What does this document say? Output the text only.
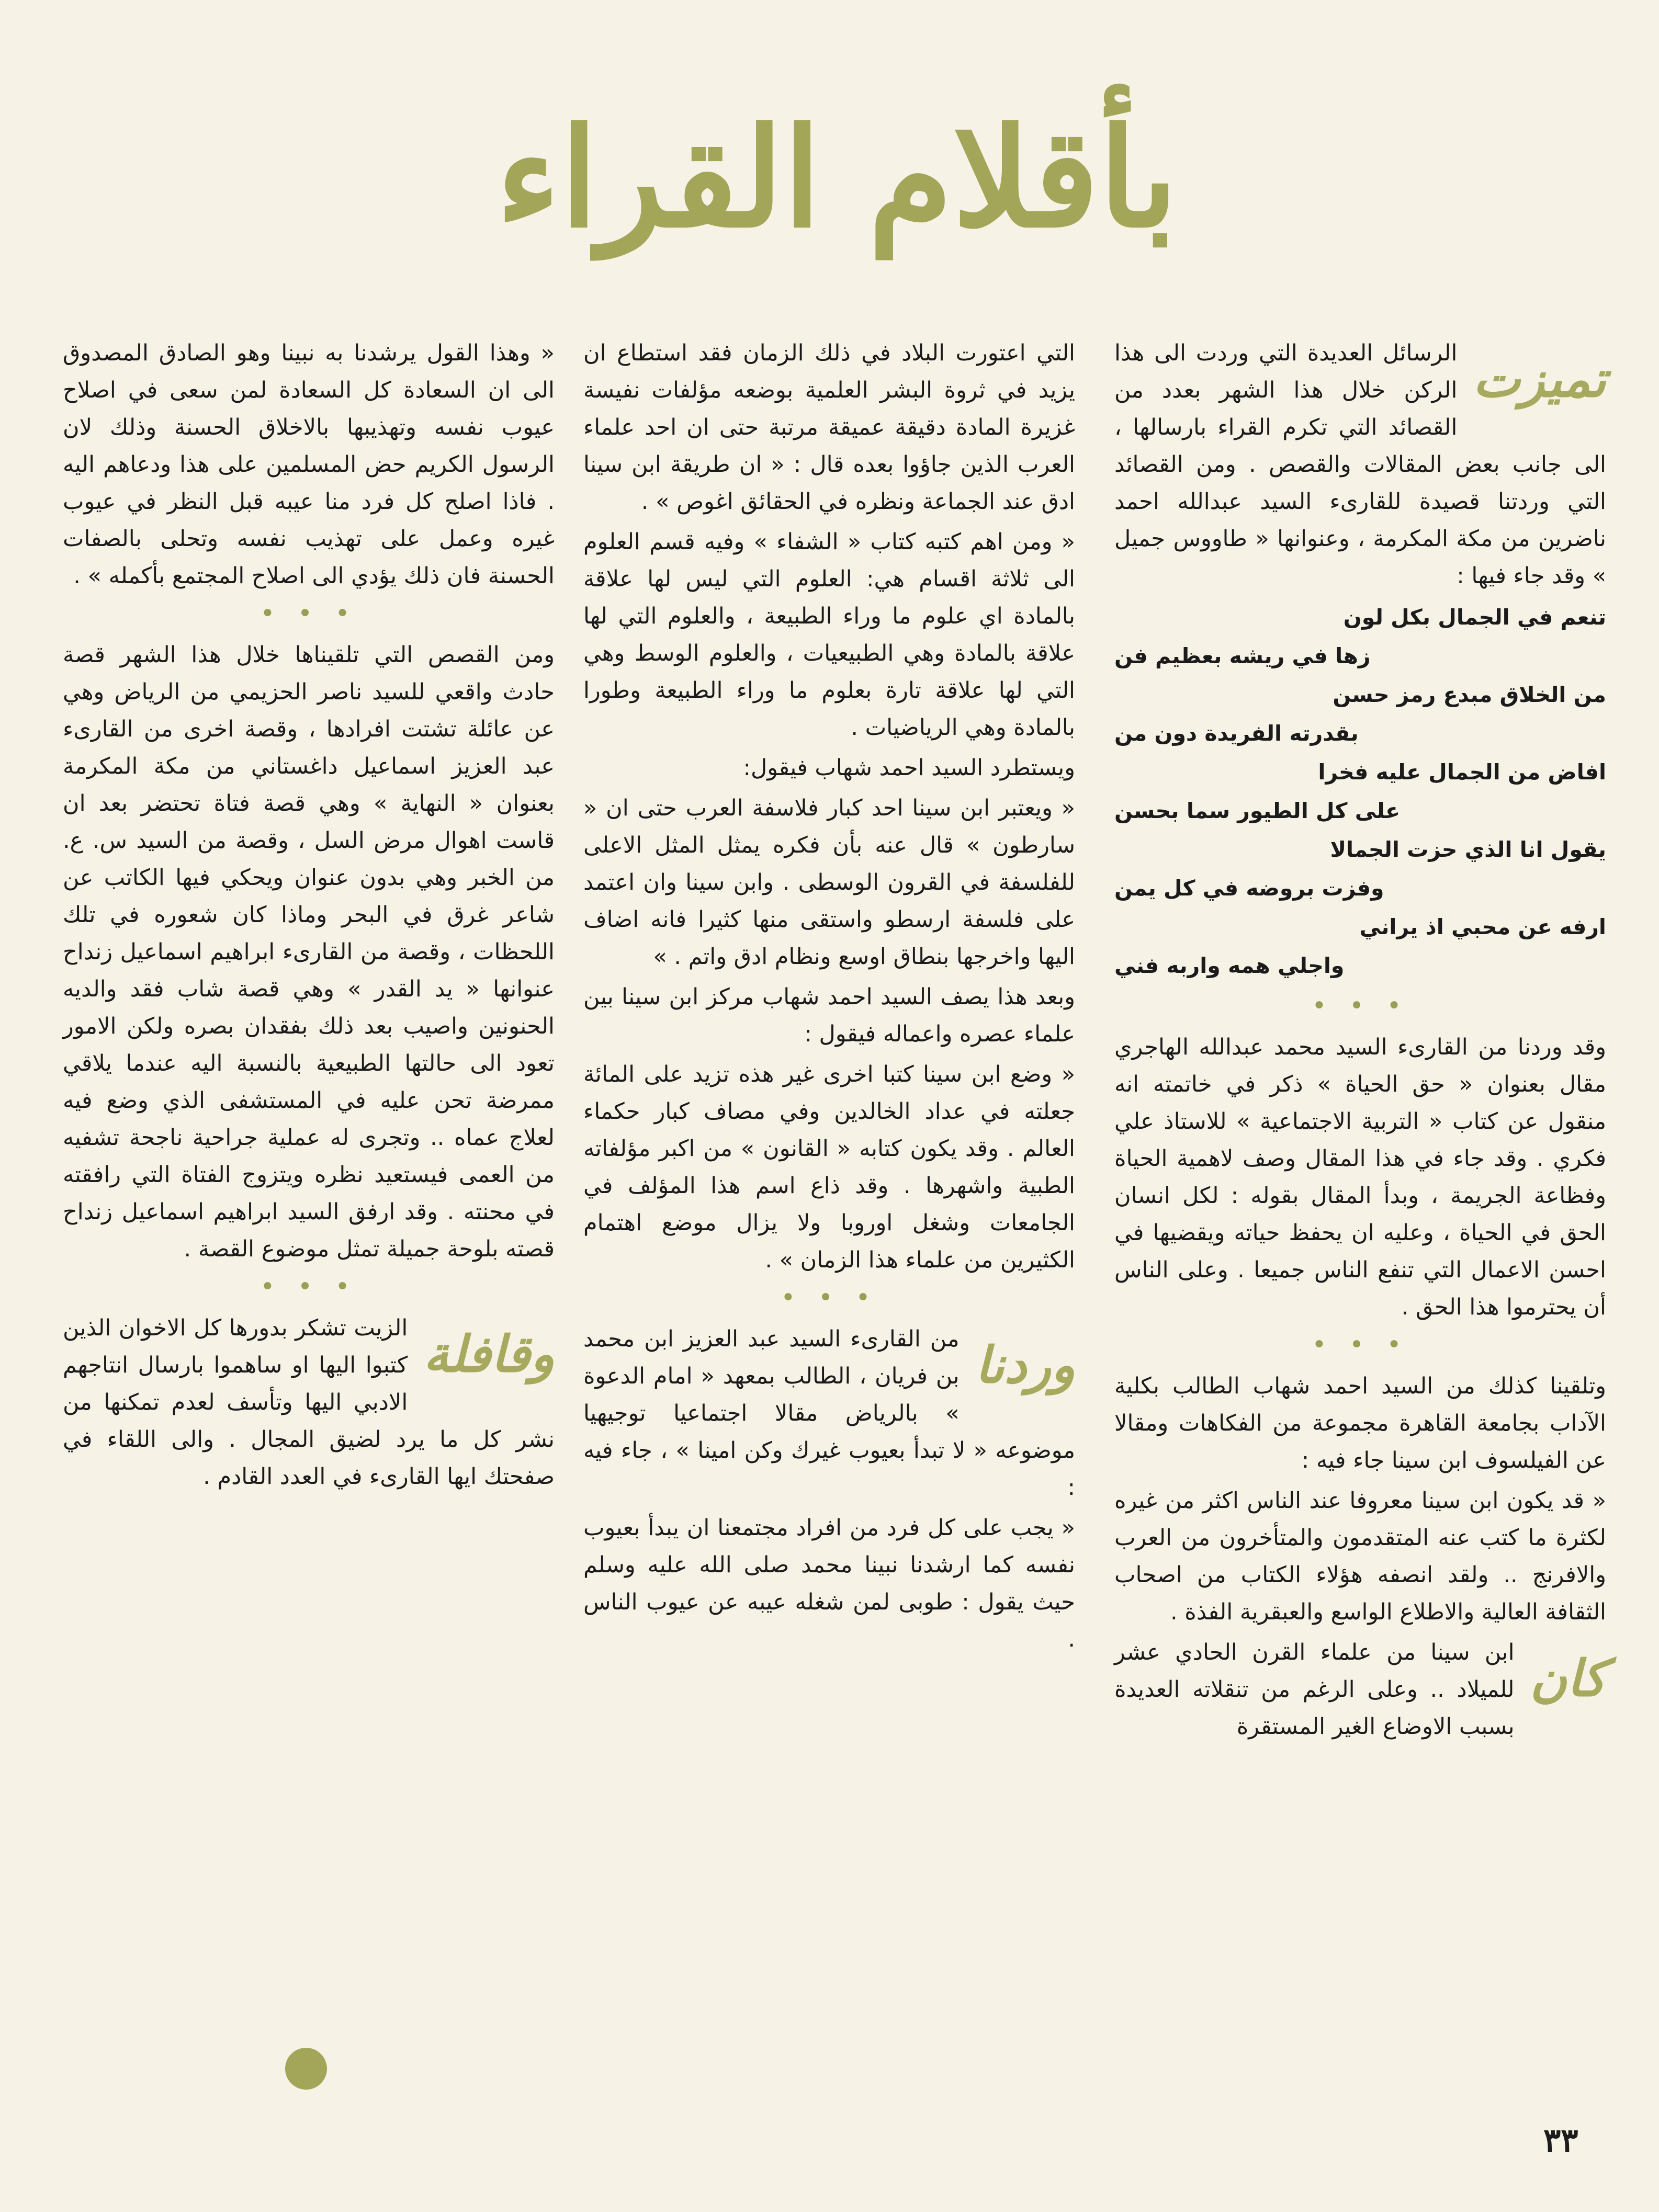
بأقلام القراء
تميزت

الرسائل العديدة التي وردت الى هذا الركن خلال هذا الشهر بعدد من القصائد التي تكرم القراء بارسالها ، الى جانب بعض المقالات والقصص . ومن القصائد التي وردتنا قصيدة للقارىء السيد عبدالله احمد ناضرين من مكة المكرمة ، وعنوانها « طاووس جميل » وقد جاء فيها :

تنعم في الجمال بكل لون
زها في ريشه بعظيم فن
من الخلاق مبدع رمز حسن
بقدرته الفريدة دون من
افاض من الجمال عليه فخرا
على كل الطيور سما بحسن
يقول انا الذي حزت الجمالا
وفزت بروضه في كل يمن
ارفه عن محبي اذ يراني
واجلي همه واربه فني
• • •

وقد وردنا من القارىء السيد محمد عبدالله الهاجري مقال بعنوان « حق الحياة » ذكر في خاتمته انه منقول عن كتاب « التربية الاجتماعية » للاستاذ علي فكري . وقد جاء في هذا المقال وصف لاهمية الحياة وفظاعة الجريمة ، وبدأ المقال بقوله : لكل انسان الحق في الحياة ، وعليه ان يحفظ حياته ويقضيها في احسن الاعمال التي تنفع الناس جميعا . وعلى الناس أن يحترموا هذا الحق .

• • •

وتلقينا كذلك من السيد احمد شهاب الطالب بكلية الآداب بجامعة القاهرة مجموعة من الفكاهات ومقالا عن الفيلسوف ابن سينا جاء فيه :

« قد يكون ابن سينا معروفا عند الناس اكثر من غيره لكثرة ما كتب عنه المتقدمون والمتأخرون من العرب والافرنج .. ولقد انصفه هؤلاء الكتاب من اصحاب الثقافة العالية والاطلاع الواسع والعبقرية الفذة .

كان

ابن سينا من علماء القرن الحادي عشر للميلاد .. وعلى الرغم من تنقلاته العديدة بسبب الاوضاع الغير المستقرة

التي اعتورت البلاد في ذلك الزمان فقد استطاع ان يزيد في ثروة البشر العلمية بوضعه مؤلفات نفيسة غزيرة المادة دقيقة عميقة مرتبة حتى ان احد علماء العرب الذين جاؤوا بعده قال : « ان طريقة ابن سينا ادق عند الجماعة ونظره في الحقائق اغوص » .

« ومن اهم كتبه كتاب « الشفاء » وفيه قسم العلوم الى ثلاثة اقسام هي: العلوم التي ليس لها علاقة بالمادة اي علوم ما وراء الطبيعة ، والعلوم التي لها علاقة بالمادة وهي الطبيعيات ، والعلوم الوسط وهي التي لها علاقة تارة بعلوم ما وراء الطبيعة وطورا بالمادة وهي الرياضيات .

ويستطرد السيد احمد شهاب فيقول:

« ويعتبر ابن سينا احد كبار فلاسفة العرب حتى ان « سارطون » قال عنه بأن فكره يمثل المثل الاعلى للفلسفة في القرون الوسطى . وابن سينا وان اعتمد على فلسفة ارسطو واستقى منها كثيرا فانه اضاف اليها واخرجها بنطاق اوسع ونظام ادق واتم . »

وبعد هذا يصف السيد احمد شهاب مركز ابن سينا بين علماء عصره واعماله فيقول :

« وضع ابن سينا كتبا اخرى غير هذه تزيد على المائة جعلته في عداد الخالدين وفي مصاف كبار حكماء العالم . وقد يكون كتابه « القانون » من اكبر مؤلفاته الطبية واشهرها . وقد ذاع اسم هذا المؤلف في الجامعات وشغل اوروبا ولا يزال موضع اهتمام الكثيرين من علماء هذا الزمان » .

• • •
وردنا

من القارىء السيد عبد العزيز ابن محمد بن فريان ، الطالب بمعهد « امام الدعوة » بالرياض مقالا اجتماعيا توجيهيا موضوعه « لا تبدأ بعيوب غيرك وكن امينا » ، جاء فيه :

« يجب على كل فرد من افراد مجتمعنا ان يبدأ بعيوب نفسه كما ارشدنا نبينا محمد صلى الله عليه وسلم حيث يقول : طوبى لمن شغله عيبه عن عيوب الناس .

« وهذا القول يرشدنا به نبينا وهو الصادق المصدوق الى ان السعادة كل السعادة لمن سعى في اصلاح عيوب نفسه وتهذيبها بالاخلاق الحسنة وذلك لان الرسول الكريم حض المسلمين على هذا ودعاهم اليه . فاذا اصلح كل فرد منا عيبه قبل النظر في عيوب غيره وعمل على تهذيب نفسه وتحلى بالصفات الحسنة فان ذلك يؤدي الى اصلاح المجتمع بأكمله » .

• • •

ومن القصص التي تلقيناها خلال هذا الشهر قصة حادث واقعي للسيد ناصر الحزيمي من الرياض وهي عن عائلة تشتت افرادها ، وقصة اخرى من القارىء عبد العزيز اسماعيل داغستاني من مكة المكرمة بعنوان « النهاية » وهي قصة فتاة تحتضر بعد ان قاست اهوال مرض السل ، وقصة من السيد س. ع. من الخبر وهي بدون عنوان ويحكي فيها الكاتب عن شاعر غرق في البحر وماذا كان شعوره في تلك اللحظات ، وقصة من القارىء ابراهيم اسماعيل زنداح عنوانها « يد القدر » وهي قصة شاب فقد والديه الحنونين واصيب بعد ذلك بفقدان بصره ولكن الامور تعود الى حالتها الطبيعية بالنسبة اليه عندما يلاقي ممرضة تحن عليه في المستشفى الذي وضع فيه لعلاج عماه .. وتجرى له عملية جراحية ناجحة تشفيه من العمى فيستعيد نظره ويتزوج الفتاة التي رافقته في محنته . وقد ارفق السيد ابراهيم اسماعيل زنداح قصته بلوحة جميلة تمثل موضوع القصة .

• • •
وقافلة

الزيت تشكر بدورها كل الاخوان الذين كتبوا اليها او ساهموا بارسال انتاجهم الادبي اليها وتأسف لعدم تمكنها من نشر كل ما يرد لضيق المجال . والى اللقاء في صفحتك ايها القارىء في العدد القادم .

٣٣
